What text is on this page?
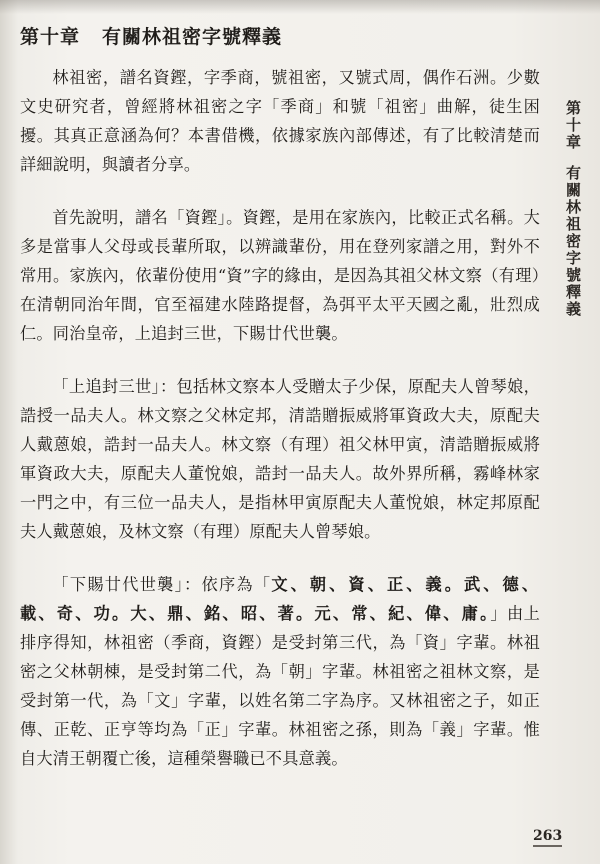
第十章 有關林祖密字號釋義

林祖密，譜名資鏗，字季商，號祖密，又號式周，偶作石洲。少數文史研究者，曾經將林祖密之字「季商」和號「祖密」曲解，徒生困擾。其真正意涵為何？本書借機，依據家族內部傳述，有了比較清楚而詳細說明，與讀者分享。

首先說明，譜名「資鏗」。資鏗，是用在家族內，比較正式名稱。大多是當事人父母或長輩所取，以辨識輩份，用在登列家譜之用，對外不常用。家族內，依輩份使用“資”字的緣由，是因為其祖父林文察（有理）在清朝同治年間，官至福建水陸路提督，為弭平太平天國之亂，壯烈成仁。同治皇帝，上追封三世，下賜廿代世襲。

「上追封三世」：包括林文察本人受贈太子少保，原配夫人曾琴娘，誥授一品夫人。林文察之父林定邦，清誥贈振威將軍資政大夫，原配夫人戴蒽娘，誥封一品夫人。林文察（有理）祖父林甲寅，清誥贈振威將軍資政大夫，原配夫人董悅娘，誥封一品夫人。故外界所稱，霧峰林家一門之中，有三位一品夫人，是指林甲寅原配夫人董悅娘，林定邦原配夫人戴蒽娘，及林文察（有理）原配夫人曾琴娘。

「下賜廿代世襲」：依序為「文、朝、資、正、義。武、德、載、奇、功。大、鼎、銘、昭、著。元、常、紀、偉、庸。」由上排序得知，林祖密（季商，資鏗）是受封第三代，為「資」字輩。林祖密之父林朝棟，是受封第二代，為「朝」字輩。林祖密之祖林文察，是受封第一代，為「文」字輩，以姓名第二字為序。又林祖密之子，如正傳、正乾、正亨等均為「正」字輩。林祖密之孫，則為「義」字輩。惟自大清王朝覆亡後，這種榮譽職已不具意義。

第十章有關林祖密字號釋義
263
